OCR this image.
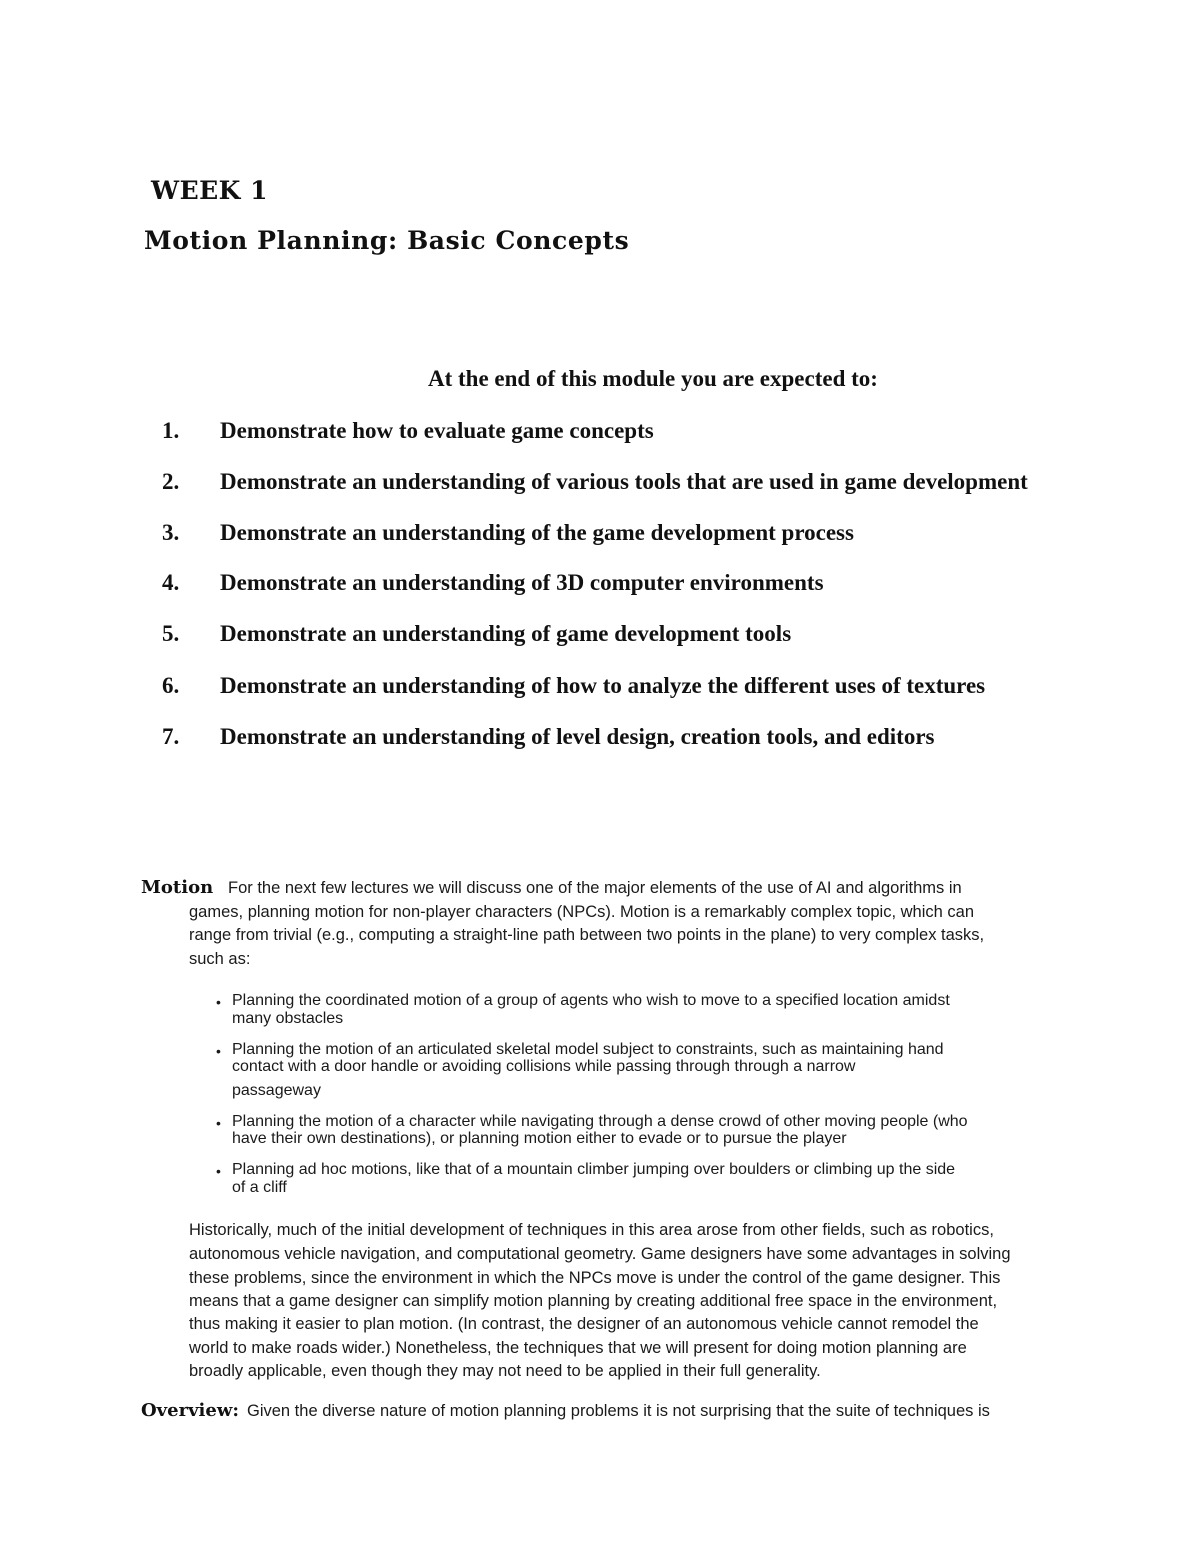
WEEK 1
Motion Planning: Basic Concepts
At the end of this module you are expected to:
1. Demonstrate how to evaluate game concepts
2. Demonstrate an understanding of various tools that are used in game development
3. Demonstrate an understanding of the game development process
4. Demonstrate an understanding of 3D computer environments
5. Demonstrate an understanding of game development tools
6. Demonstrate an understanding of how to analyze the different uses of textures
7. Demonstrate an understanding of level design, creation tools, and editors
Motion For the next few lectures we will discuss one of the major elements of the use of AI and algorithms in
games, planning motion for non-player characters (NPCs). Motion is a remarkably complex topic, which can
range from trivial (e.g., computing a straight-line path between two points in the plane) to very complex tasks,
such as:
• Planning the coordinated motion of a group of agents who wish to move to a specified location amidst
many obstacles
• Planning the motion of an articulated skeletal model subject to constraints, such as maintaining hand
contact with a door handle or avoiding collisions while passing through through a narrow
passageway
• Planning the motion of a character while navigating through a dense crowd of other moving people (who
have their own destinations), or planning motion either to evade or to pursue the player
• Planning ad hoc motions, like that of a mountain climber jumping over boulders or climbing up the side
of a cliff
Historically, much of the initial development of techniques in this area arose from other fields, such as robotics,
autonomous vehicle navigation, and computational geometry. Game designers have some advantages in solving
these problems, since the environment in which the NPCs move is under the control of the game designer. This
means that a game designer can simplify motion planning by creating additional free space in the environment,
thus making it easier to plan motion. (In contrast, the designer of an autonomous vehicle cannot remodel the
world to make roads wider.) Nonetheless, the techniques that we will present for doing motion planning are
broadly applicable, even though they may not need to be applied in their full generality.
Overview: Given the diverse nature of motion planning problems it is not surprising that the suite of techniques is
